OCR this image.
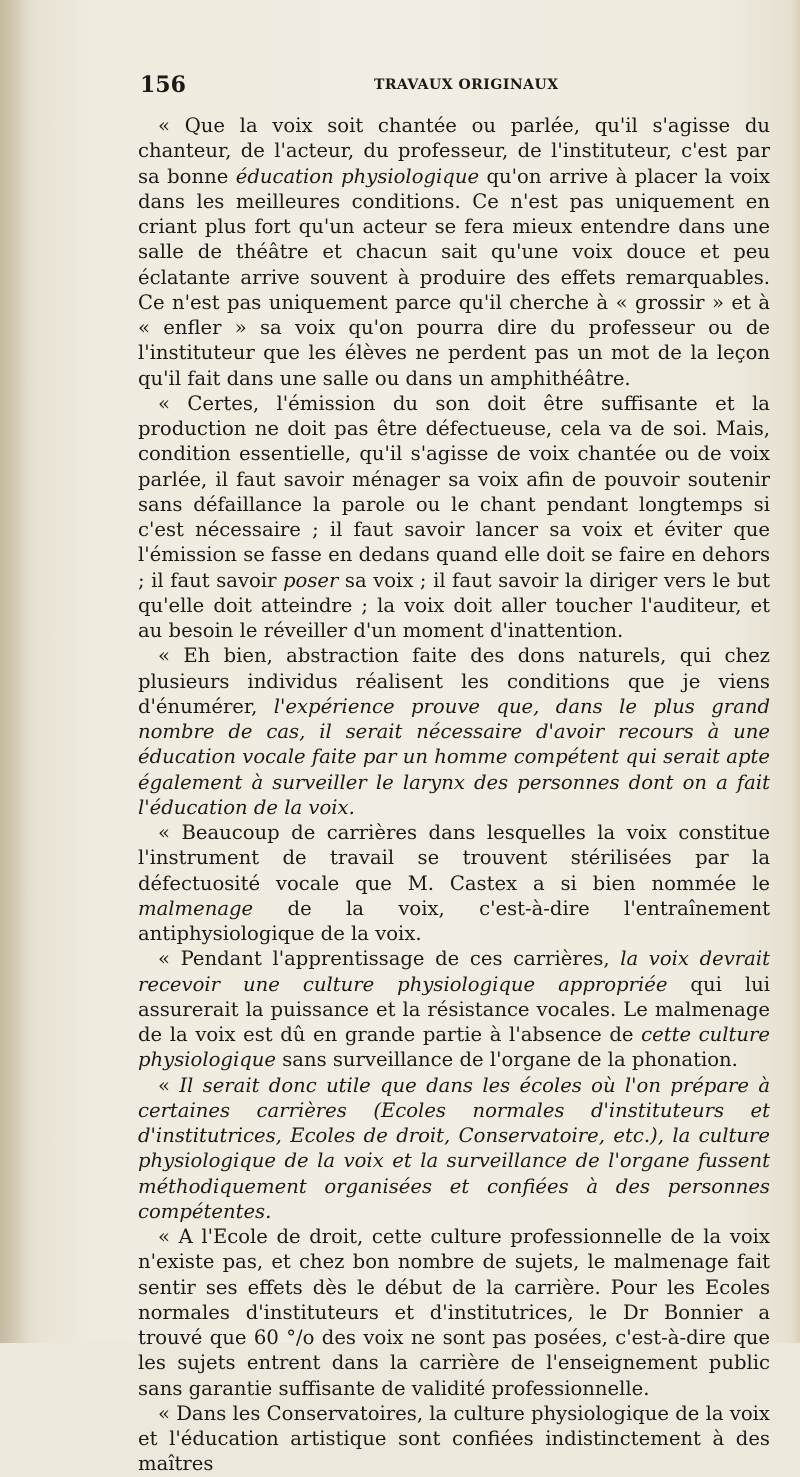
156	TRAVAUX ORIGINAUX

« Que la voix soit chantée ou parlée, qu'il s'agisse du chanteur, de l'acteur, du professeur, de l'instituteur, c'est par sa bonne éducation physiologique qu'on arrive à placer la voix dans les meilleures conditions. Ce n'est pas uniquement en criant plus fort qu'un acteur se fera mieux entendre dans une salle de théâtre et chacun sait qu'une voix douce et peu éclatante arrive souvent à produire des effets remarquables. Ce n'est pas uniquement parce qu'il cherche à « grossir » et à « enfler » sa voix qu'on pourra dire du professeur ou de l'instituteur que les élèves ne perdent pas un mot de la leçon qu'il fait dans une salle ou dans un amphithéâtre.

« Certes, l'émission du son doit être suffisante et la production ne doit pas être défectueuse, cela va de soi. Mais, condition essentielle, qu'il s'agisse de voix chantée ou de voix parlée, il faut savoir ménager sa voix afin de pouvoir soutenir sans défaillance la parole ou le chant pendant longtemps si c'est nécessaire ; il faut savoir lancer sa voix et éviter que l'émission se fasse en dedans quand elle doit se faire en dehors ; il faut savoir poser sa voix ; il faut savoir la diriger vers le but qu'elle doit atteindre ; la voix doit aller toucher l'auditeur, et au besoin le réveiller d'un moment d'inattention.

« Eh bien, abstraction faite des dons naturels, qui chez plusieurs individus réalisent les conditions que je viens d'énumérer, l'expérience prouve que, dans le plus grand nombre de cas, il serait nécessaire d'avoir recours à une éducation vocale faite par un homme compétent qui serait apte également à surveiller le larynx des personnes dont on a fait l'éducation de la voix.

« Beaucoup de carrières dans lesquelles la voix constitue l'instrument de travail se trouvent stérilisées par la défectuosité vocale que M. Castex a si bien nommée le malmenage de la voix, c'est-à-dire l'entraînement antiphysiologique de la voix.

« Pendant l'apprentissage de ces carrières, la voix devrait recevoir une culture physiologique appropriée qui lui assurerait la puissance et la résistance vocales. Le malmenage de la voix est dû en grande partie à l'absence de cette culture physiologique sans surveillance de l'organe de la phonation.

« Il serait donc utile que dans les écoles où l'on prépare à certaines carrières (Ecoles normales d'instituteurs et d'institutrices, Ecoles de droit, Conservatoire, etc.), la culture physiologique de la voix et la surveillance de l'organe fussent méthodiquement organisées et confiées à des personnes compétentes.

« A l'Ecole de droit, cette culture professionnelle de la voix n'existe pas, et chez bon nombre de sujets, le malmenage fait sentir ses effets dès le début de la carrière. Pour les Ecoles normales d'instituteurs et d'institutrices, le Dr Bonnier a trouvé que 60 °/o des voix ne sont pas posées, c'est-à-dire que les sujets entrent dans la carrière de l'enseignement public sans garantie suffisante de validité professionnelle.

« Dans les Conservatoires, la culture physiologique de la voix et l'éducation artistique sont confiées indistinctement à des maîtres
